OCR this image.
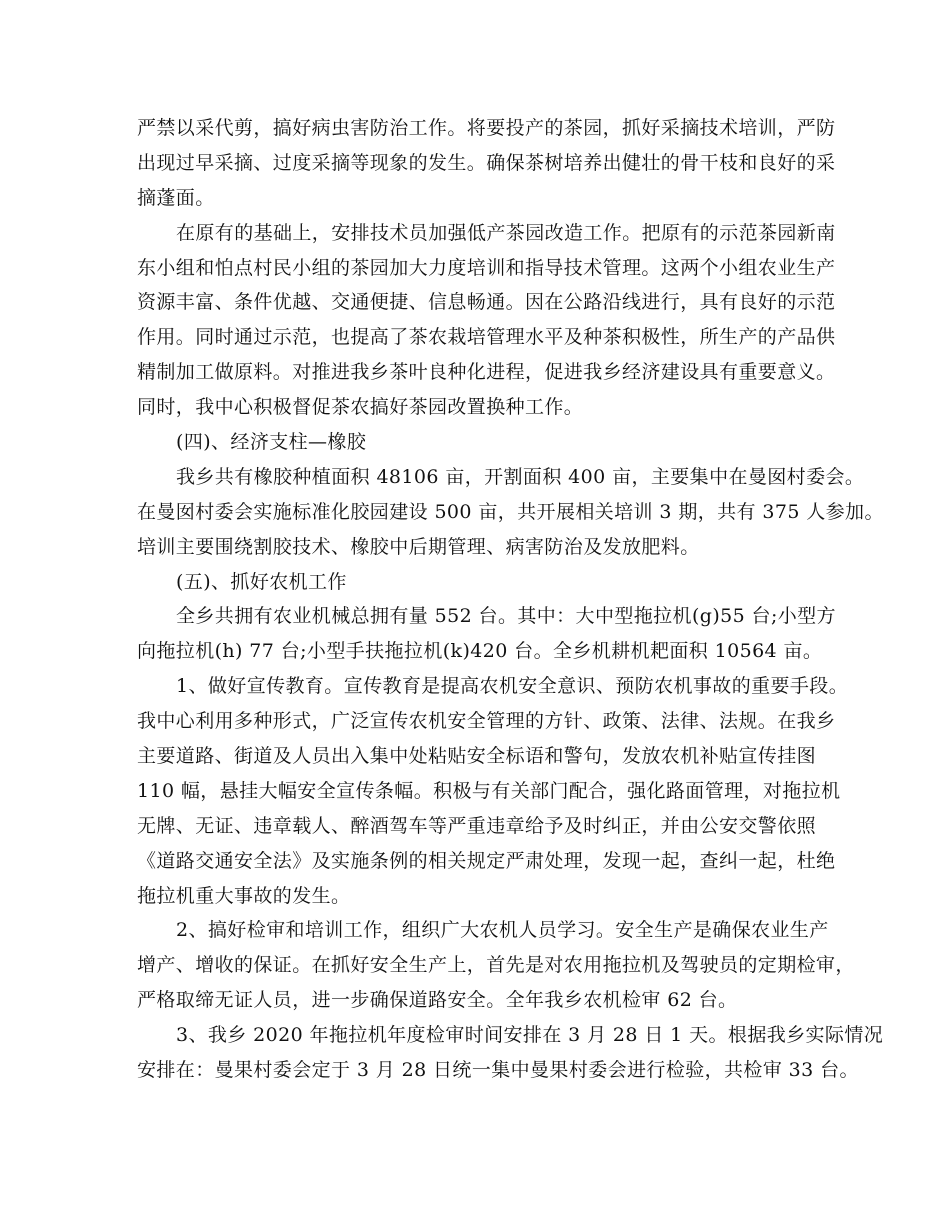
严禁以采代剪，搞好病虫害防治工作。将要投产的茶园，抓好采摘技术培训，严防
出现过早采摘、过度采摘等现象的发生。确保茶树培养出健壮的骨干枝和良好的采
摘蓬面。
在原有的基础上，安排技术员加强低产茶园改造工作。把原有的示范茶园新南
东小组和怕点村民小组的茶园加大力度培训和指导技术管理。这两个小组农业生产
资源丰富、条件优越、交通便捷、信息畅通。因在公路沿线进行，具有良好的示范
作用。同时通过示范，也提高了茶农栽培管理水平及种茶积极性，所生产的产品供
精制加工做原料。对推进我乡茶叶良种化进程，促进我乡经济建设具有重要意义。
同时，我中心积极督促茶农搞好茶园改置换种工作。
(四)、经济支柱—橡胶
我乡共有橡胶种植面积 48106 亩，开割面积 400 亩，主要集中在曼囡村委会。
在曼囡村委会实施标准化胶园建设 500 亩，共开展相关培训 3 期，共有 375 人参加。
培训主要围绕割胶技术、橡胶中后期管理、病害防治及发放肥料。
(五)、抓好农机工作
全乡共拥有农业机械总拥有量 552 台。其中：大中型拖拉机(g)55 台;小型方
向拖拉机(h) 77 台;小型手扶拖拉机(k)420 台。全乡机耕机耙面积 10564 亩。
1、做好宣传教育。宣传教育是提高农机安全意识、预防农机事故的重要手段。
我中心利用多种形式，广泛宣传农机安全管理的方针、政策、法律、法规。在我乡
主要道路、街道及人员出入集中处粘贴安全标语和警句，发放农机补贴宣传挂图
110 幅，悬挂大幅安全宣传条幅。积极与有关部门配合，强化路面管理，对拖拉机
无牌、无证、违章载人、醉酒驾车等严重违章给予及时纠正，并由公安交警依照
《道路交通安全法》及实施条例的相关规定严肃处理，发现一起，查纠一起，杜绝
拖拉机重大事故的发生。
2、搞好检审和培训工作，组织广大农机人员学习。安全生产是确保农业生产
增产、增收的保证。在抓好安全生产上，首先是对农用拖拉机及驾驶员的定期检审，
严格取缔无证人员，进一步确保道路安全。全年我乡农机检审 62 台。
3、我乡 2020 年拖拉机年度检审时间安排在 3 月 28 日 1 天。根据我乡实际情况
安排在：曼果村委会定于 3 月 28 日统一集中曼果村委会进行检验，共检审 33 台。
